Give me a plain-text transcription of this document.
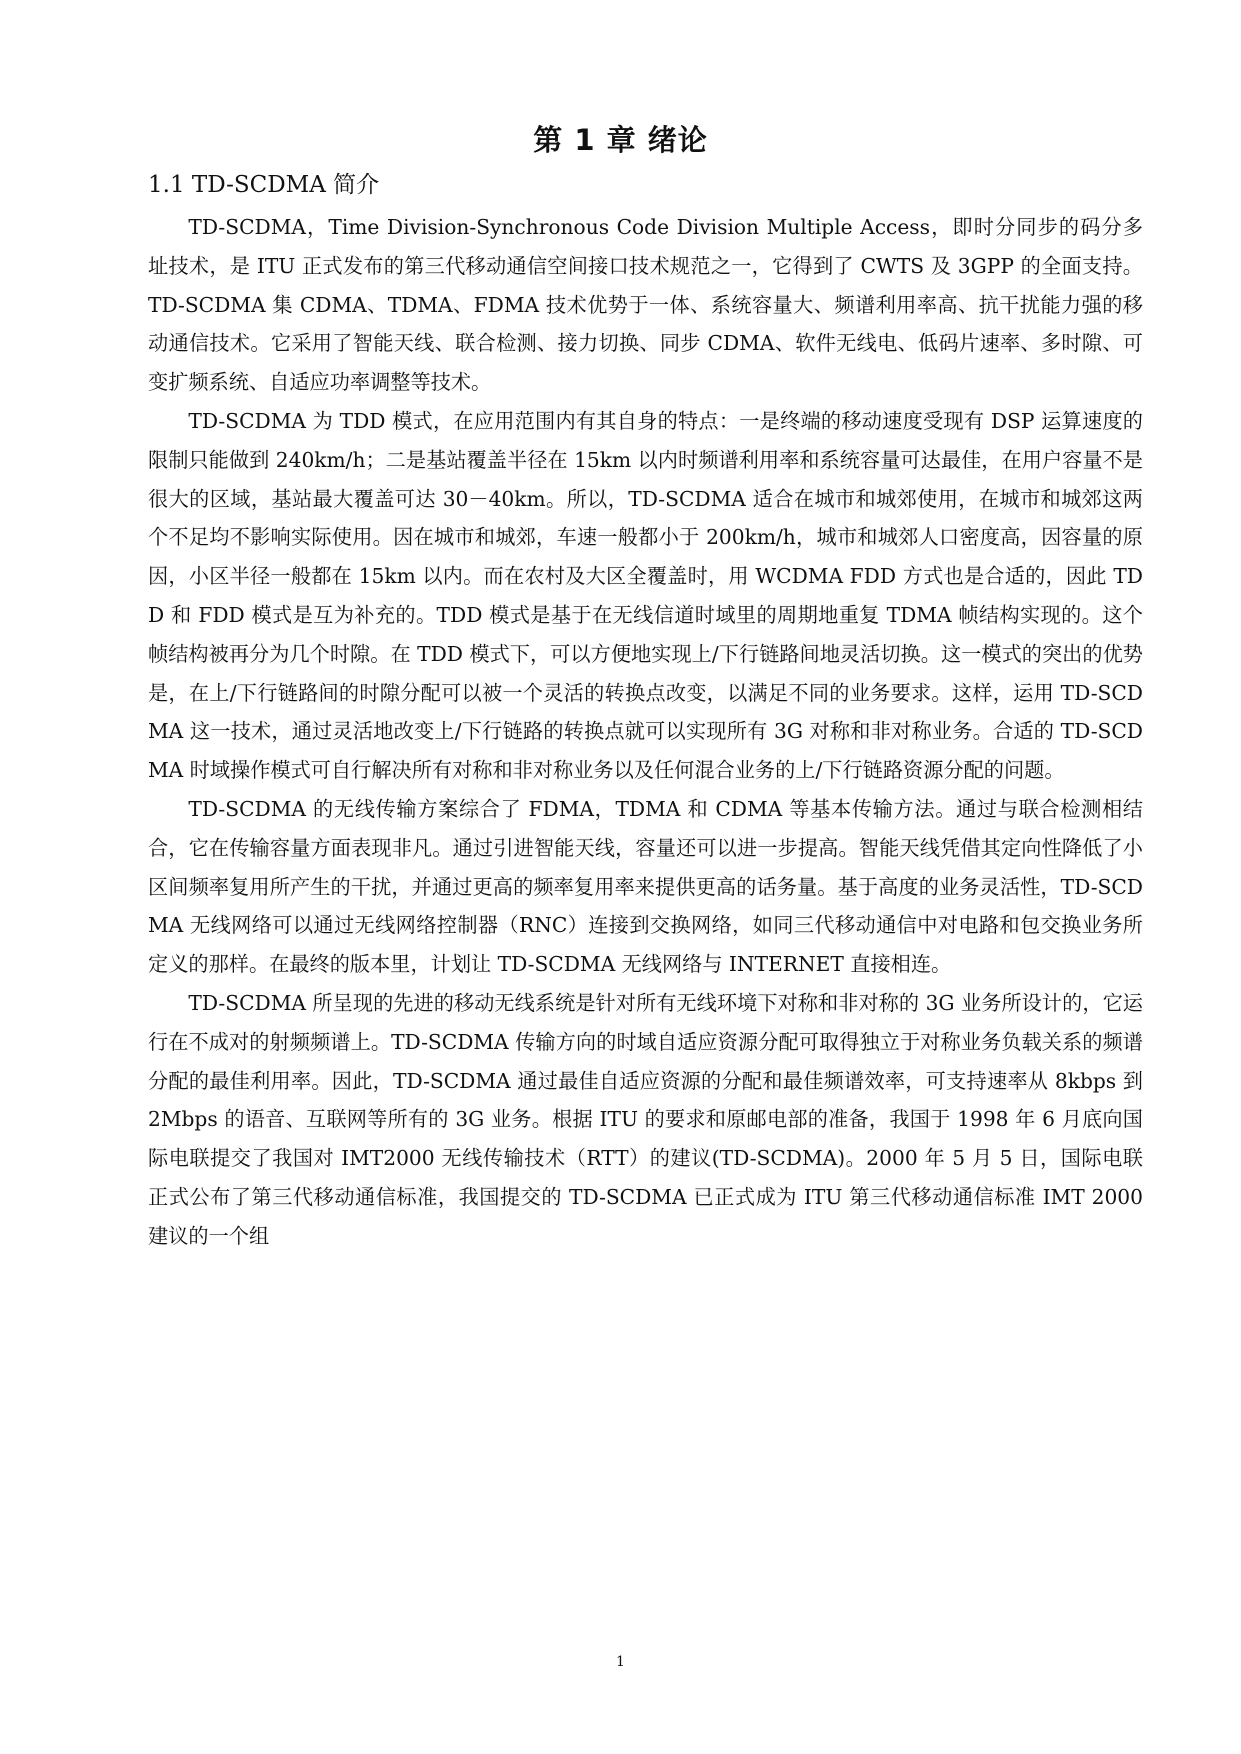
第 1 章 绪论
1.1 TD-SCDMA 简介

TD-SCDMA，Time Division-Synchronous Code Division Multiple Access，即时分同步的码分多址技术，是 ITU 正式发布的第三代移动通信空间接口技术规范之一，它得到了 CWTS 及 3GPP 的全面支持。TD-SCDMA 集 CDMA、TDMA、FDMA 技术优势于一体、系统容量大、频谱利用率高、抗干扰能力强的移动通信技术。它采用了智能天线、联合检测、接力切换、同步 CDMA、软件无线电、低码片速率、多时隙、可变扩频系统、自适应功率调整等技术。

TD-SCDMA 为 TDD 模式，在应用范围内有其自身的特点：一是终端的移动速度受现有 DSP 运算速度的限制只能做到 240km/h；二是基站覆盖半径在 15km 以内时频谱利用率和系统容量可达最佳，在用户容量不是很大的区域，基站最大覆盖可达 30－40km。所以，TD-SCDMA 适合在城市和城郊使用，在城市和城郊这两个不足均不影响实际使用。因在城市和城郊，车速一般都小于 200km/h，城市和城郊人口密度高，因容量的原因，小区半径一般都在 15km 以内。而在农村及大区全覆盖时，用 WCDMA FDD 方式也是合适的，因此 TDD 和 FDD 模式是互为补充的。TDD 模式是基于在无线信道时域里的周期地重复 TDMA 帧结构实现的。这个帧结构被再分为几个时隙。在 TDD 模式下，可以方便地实现上/下行链路间地灵活切换。这一模式的突出的优势是，在上/下行链路间的时隙分配可以被一个灵活的转换点改变，以满足不同的业务要求。这样，运用 TD-SCDMA 这一技术，通过灵活地改变上/下行链路的转换点就可以实现所有 3G 对称和非对称业务。合适的 TD-SCDMA 时域操作模式可自行解决所有对称和非对称业务以及任何混合业务的上/下行链路资源分配的问题。

TD-SCDMA 的无线传输方案综合了 FDMA，TDMA 和 CDMA 等基本传输方法。通过与联合检测相结合，它在传输容量方面表现非凡。通过引进智能天线，容量还可以进一步提高。智能天线凭借其定向性降低了小区间频率复用所产生的干扰，并通过更高的频率复用率来提供更高的话务量。基于高度的业务灵活性，TD-SCDMA 无线网络可以通过无线网络控制器（RNC）连接到交换网络，如同三代移动通信中对电路和包交换业务所定义的那样。在最终的版本里，计划让 TD-SCDMA 无线网络与 INTERNET 直接相连。

TD-SCDMA 所呈现的先进的移动无线系统是针对所有无线环境下对称和非对称的 3G 业务所设计的，它运行在不成对的射频频谱上。TD-SCDMA 传输方向的时域自适应资源分配可取得独立于对称业务负载关系的频谱分配的最佳利用率。因此，TD-SCDMA 通过最佳自适应资源的分配和最佳频谱效率，可支持速率从 8kbps 到 2Mbps 的语音、互联网等所有的 3G 业务。根据 ITU 的要求和原邮电部的准备，我国于 1998 年 6 月底向国际电联提交了我国对 IMT2000 无线传输技术（RTT）的建议(TD-SCDMA)。2000 年 5 月 5 日，国际电联正式公布了第三代移动通信标准，我国提交的 TD-SCDMA 已正式成为 ITU 第三代移动通信标准 IMT 2000 建议的一个组

1
